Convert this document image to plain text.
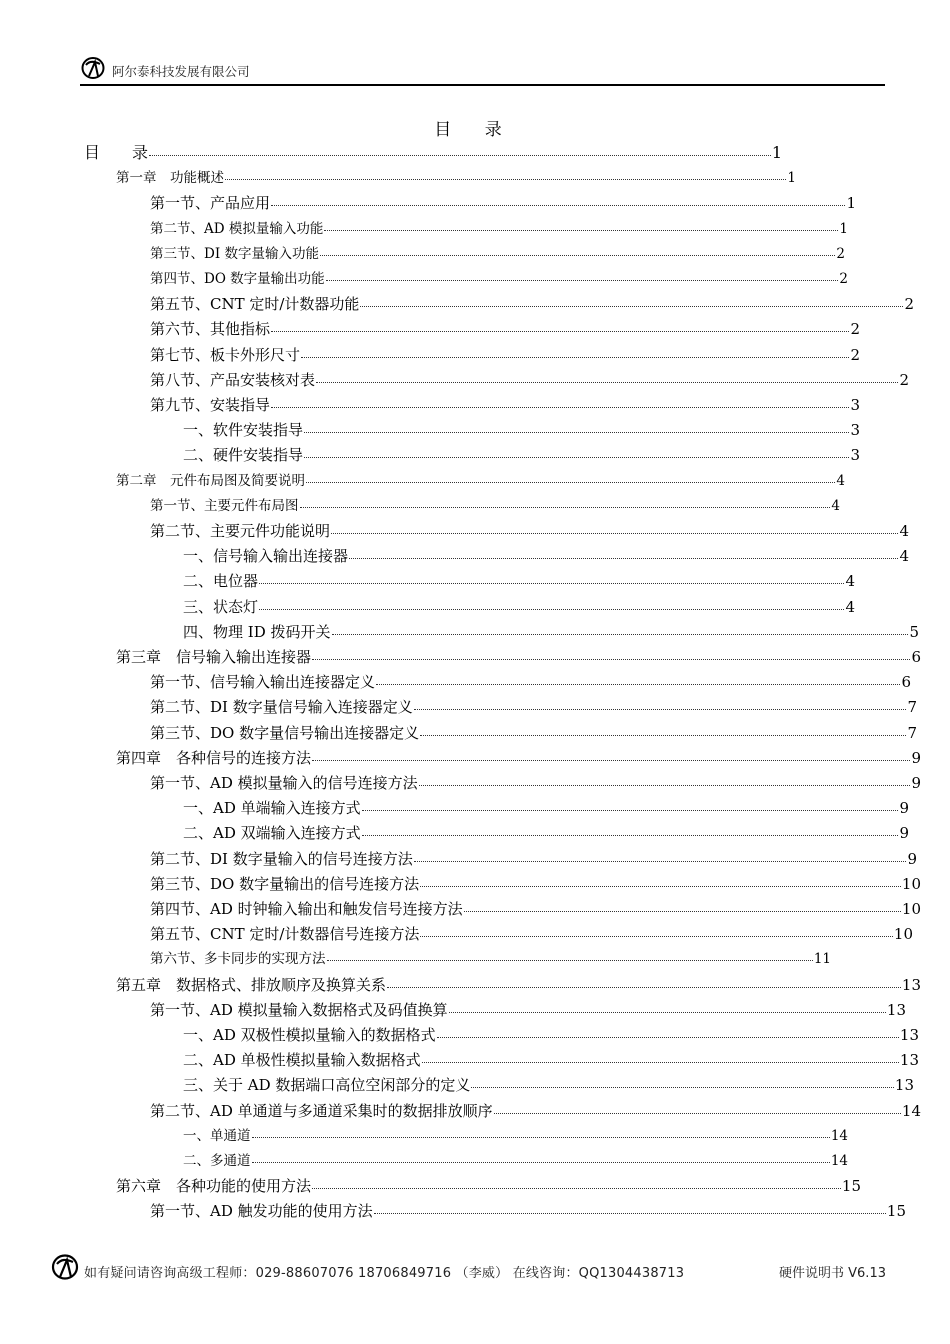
阿尔泰科技发展有限公司
目 录
目　　录	1
第一章　功能概述	1
第一节、产品应用	1
第二节、AD 模拟量输入功能	1
第三节、DI 数字量输入功能	2
第四节、DO 数字量输出功能	2
第五节、CNT 定时/计数器功能	2
第六节、其他指标	2
第七节、板卡外形尺寸	2
第八节、产品安装核对表	2
第九节、安装指导	3
一、软件安装指导	3
二、硬件安装指导	3
第二章　元件布局图及简要说明	4
第一节、主要元件布局图	4
第二节、主要元件功能说明	4
一、信号输入输出连接器	4
二、电位器	4
三、状态灯	4
四、物理 ID 拨码开关	5
第三章　信号输入输出连接器	6
第一节、信号输入输出连接器定义	6
第二节、DI 数字量信号输入连接器定义	7
第三节、DO 数字量信号输出连接器定义	7
第四章　各种信号的连接方法	9
第一节、AD 模拟量输入的信号连接方法	9
一、AD 单端输入连接方式	9
二、AD 双端输入连接方式	9
第二节、DI 数字量输入的信号连接方法	9
第三节、DO 数字量输出的信号连接方法	10
第四节、AD 时钟输入输出和触发信号连接方法	10
第五节、CNT 定时/计数器信号连接方法	10
第六节、多卡同步的实现方法	11
第五章　数据格式、排放顺序及换算关系	13
第一节、AD 模拟量输入数据格式及码值换算	13
一、AD 双极性模拟量输入的数据格式	13
二、AD 单极性模拟量输入数据格式	13
三、关于 AD 数据端口高位空闲部分的定义	13
第二节、AD 单通道与多通道采集时的数据排放顺序	14
一、单通道	14
二、多通道	14
第六章　各种功能的使用方法	15
第一节、AD 触发功能的使用方法	15
如有疑问请咨询高级工程师：029-88607076 18706849716 （李威） 在线咨询：QQ1304438713	硬件说明书 V6.13
